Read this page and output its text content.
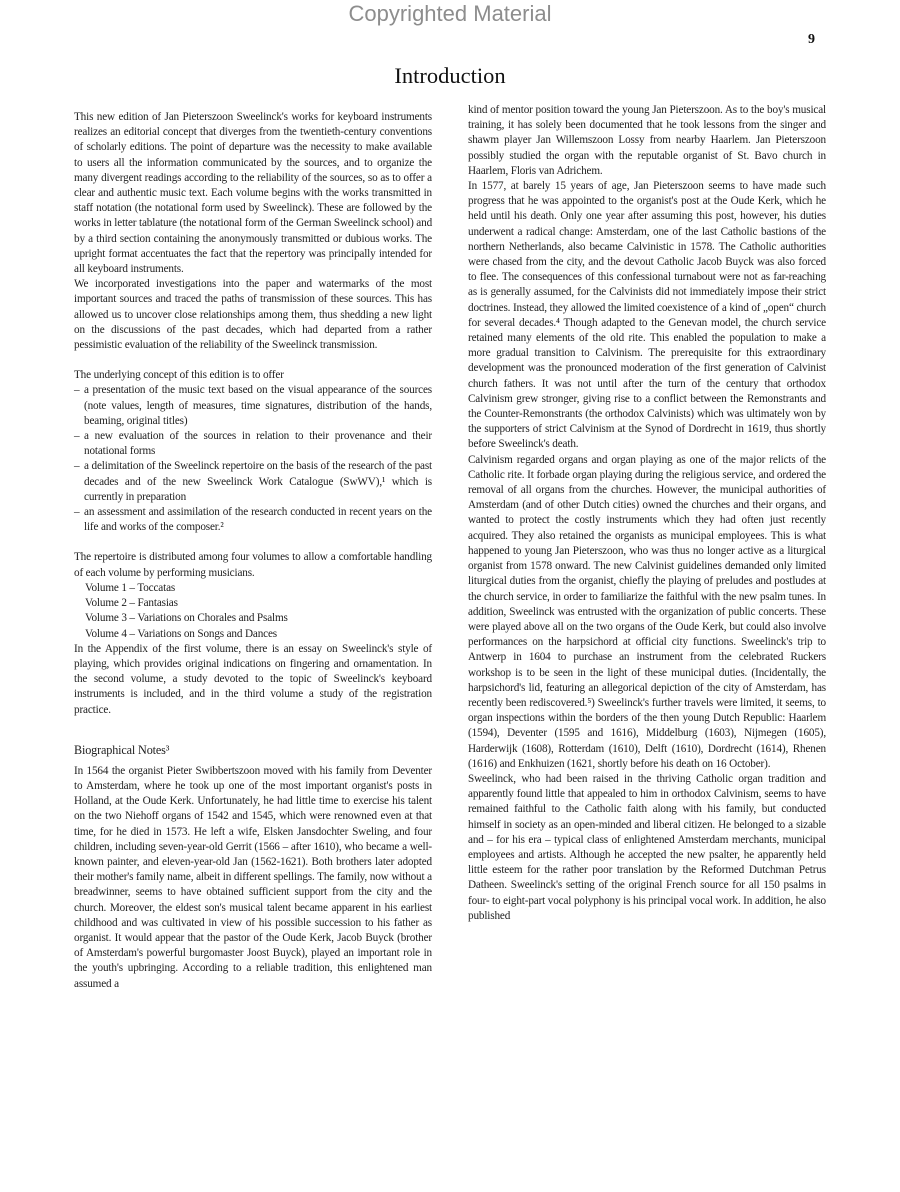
Copyrighted Material
9
Introduction

This new edition of Jan Pieterszoon Sweelinck's works for keyboard instruments realizes an editorial concept that diverges from the twentieth-century conventions of scholarly editions. The point of departure was the necessity to make available to users all the information communicated by the sources, and to organize the many divergent readings according to the reliability of the sources, so as to offer a clear and authentic music text. Each volume begins with the works transmitted in staff notation (the notational form used by Sweelinck). These are followed by the works in letter tablature (the notational form of the German Sweelinck school) and by a third section containing the anonymously transmitted or dubious works. The upright format accentuates the fact that the repertory was principally intended for all keyboard instruments.

We incorporated investigations into the paper and watermarks of the most important sources and traced the paths of transmission of these sources. This has allowed us to uncover close relationships among them, thus shedding a new light on the discussions of the past decades, which had departed from a rather pessimistic evaluation of the reliability of the Sweelinck transmission.

The underlying concept of this edition is to offer

– a presentation of the music text based on the visual appearance of the sources (note values, length of measures, time signatures, distribution of the hands, beaming, original titles)
– a new evaluation of the sources in relation to their provenance and their notational forms
– a delimitation of the Sweelinck repertoire on the basis of the research of the past decades and of the new Sweelinck Work Catalogue (SwWV),¹ which is currently in preparation
– an assessment and assimilation of the research conducted in recent years on the life and works of the composer.²

The repertoire is distributed among four volumes to allow a comfortable handling of each volume by performing musicians.

Volume 1 – Toccatas
Volume 2 – Fantasias
Volume 3 – Variations on Chorales and Psalms
Volume 4 – Variations on Songs and Dances

In the Appendix of the first volume, there is an essay on Sweelinck's style of playing, which provides original indications on fingering and ornamentation. In the second volume, a study devoted to the topic of Sweelinck's keyboard instruments is included, and in the third volume a study of the registration practice.

Biographical Notes³

In 1564 the organist Pieter Swibbertszoon moved with his family from Deventer to Amsterdam, where he took up one of the most important organist's posts in Holland, at the Oude Kerk. Unfortunately, he had little time to exercise his talent on the two Niehoff organs of 1542 and 1545, which were renowned even at that time, for he died in 1573. He left a wife, Elsken Jansdochter Sweling, and four children, including seven-year-old Gerrit (1566 – after 1610), who became a well-known painter, and eleven-year-old Jan (1562-1621). Both brothers later adopted their mother's family name, albeit in different spellings. The family, now without a breadwinner, seems to have obtained sufficient support from the city and the church. Moreover, the eldest son's musical talent became apparent in his earliest childhood and was cultivated in view of his possible succession to his father as organist. It would appear that the pastor of the Oude Kerk, Jacob Buyck (brother of Amsterdam's powerful burgomaster Joost Buyck), played an important role in the youth's upbringing. According to a reliable tradition, this enlightened man assumed a

kind of mentor position toward the young Jan Pieterszoon. As to the boy's musical training, it has solely been documented that he took lessons from the singer and shawm player Jan Willemszoon Lossy from nearby Haarlem. Jan Pieterszoon possibly studied the organ with the reputable organist of St. Bavo church in Haarlem, Floris van Adrichem.

In 1577, at barely 15 years of age, Jan Pieterszoon seems to have made such progress that he was appointed to the organist's post at the Oude Kerk, which he held until his death. Only one year after assuming this post, however, his duties underwent a radical change: Amsterdam, one of the last Catholic bastions of the northern Netherlands, also became Calvinistic in 1578. The Catholic authorities were chased from the city, and the devout Catholic Jacob Buyck was also forced to flee. The consequences of this confessional turnabout were not as far-reaching as is generally assumed, for the Calvinists did not immediately impose their strict doctrines. Instead, they allowed the limited coexistence of a kind of „open“ church for several decades.⁴ Though adapted to the Genevan model, the church service retained many elements of the old rite. This enabled the population to make a more gradual transition to Calvinism. The prerequisite for this extraordinary development was the pronounced moderation of the first generation of Calvinist church fathers. It was not until after the turn of the century that orthodox Calvinism grew stronger, giving rise to a conflict between the Remonstrants and the Counter-Remonstrants (the orthodox Calvinists) which was ultimately won by the supporters of strict Calvinism at the Synod of Dordrecht in 1619, thus shortly before Sweelinck's death.

Calvinism regarded organs and organ playing as one of the major relicts of the Catholic rite. It forbade organ playing during the religious service, and ordered the removal of all organs from the churches. However, the municipal authorities of Amsterdam (and of other Dutch cities) owned the churches and their organs, and wanted to protect the costly instruments which they had often just recently acquired. They also retained the organists as municipal employees. This is what happened to young Jan Pieterszoon, who was thus no longer active as a liturgical organist from 1578 onward. The new Calvinist guidelines demanded only limited liturgical duties from the organist, chiefly the playing of preludes and postludes at the church service, in order to familiarize the faithful with the new psalm tunes. In addition, Sweelinck was entrusted with the organization of public concerts. These were played above all on the two organs of the Oude Kerk, but could also involve performances on the harpsichord at official city functions. Sweelinck's trip to Antwerp in 1604 to purchase an instrument from the celebrated Ruckers workshop is to be seen in the light of these municipal duties. (Incidentally, the harpsichord's lid, featuring an allegorical depiction of the city of Amsterdam, has recently been rediscovered.⁵) Sweelinck's further travels were limited, it seems, to organ inspections within the borders of the then young Dutch Republic: Haarlem (1594), Deventer (1595 and 1616), Middelburg (1603), Nijmegen (1605), Harderwijk (1608), Rotterdam (1610), Delft (1610), Dordrecht (1614), Rhenen (1616) and Enkhuizen (1621, shortly before his death on 16 October).

Sweelinck, who had been raised in the thriving Catholic organ tradition and apparently found little that appealed to him in orthodox Calvinism, seems to have remained faithful to the Catholic faith along with his family, but conducted himself in society as an open-minded and liberal citizen. He belonged to a sizable and – for his era – typical class of enlightened Amsterdam merchants, municipal employees and artists. Although he accepted the new psalter, he apparently held little esteem for the rather poor translation by the Reformed Dutchman Petrus Datheen. Sweelinck's setting of the original French source for all 150 psalms in four- to eight-part vocal polyphony is his principal vocal work. In addition, he also published
